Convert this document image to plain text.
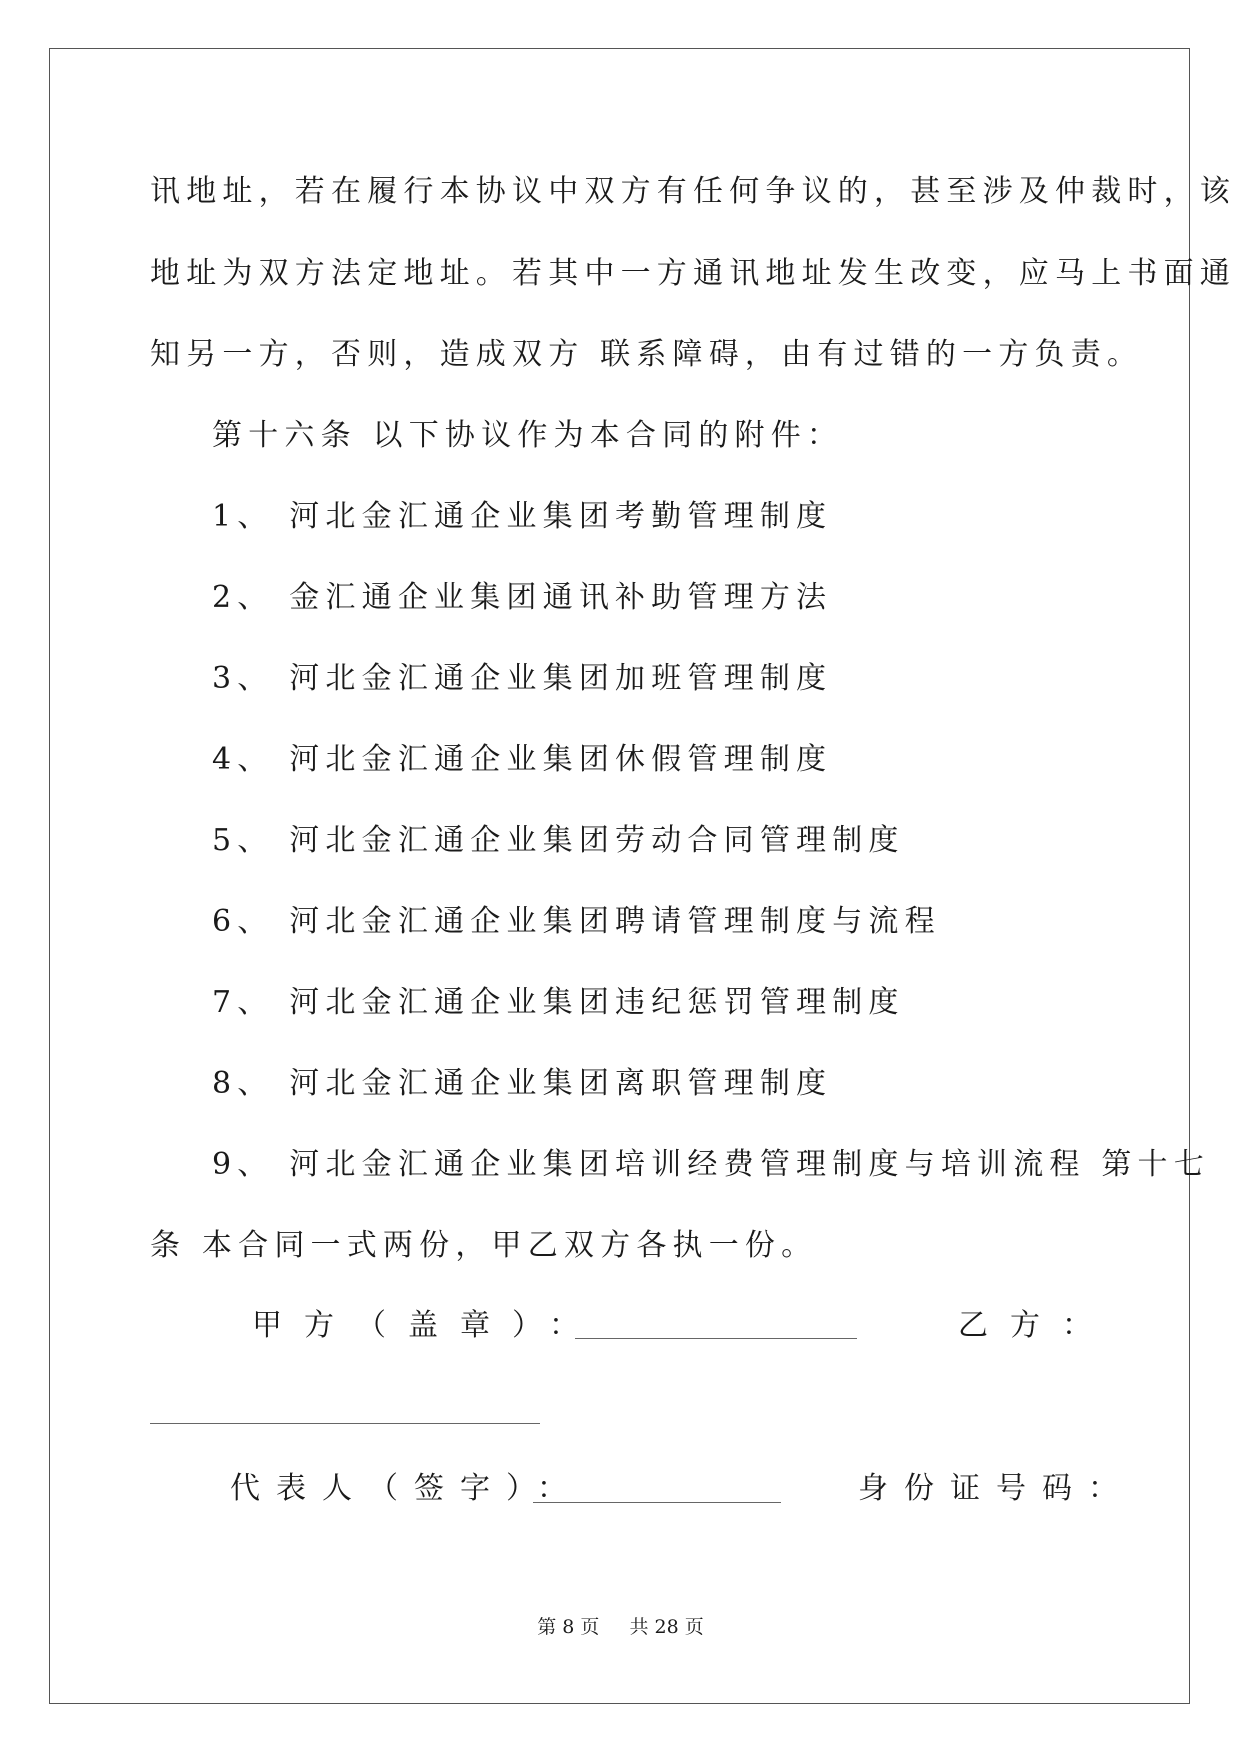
讯地址，若在履行本协议中双方有任何争议的，甚至涉及仲裁时，该
地址为双方法定地址。若其中一方通讯地址发生改变，应马上书面通
知另一方，否则，造成双方 联系障碍，由有过错的一方负责。
第十六条 以下协议作为本合同的附件：
1、 河北金汇通企业集团考勤管理制度
2、 金汇通企业集团通讯补助管理方法
3、 河北金汇通企业集团加班管理制度
4、 河北金汇通企业集团休假管理制度
5、 河北金汇通企业集团劳动合同管理制度
6、 河北金汇通企业集团聘请管理制度与流程
7、 河北金汇通企业集团违纪惩罚管理制度
8、 河北金汇通企业集团离职管理制度
9、 河北金汇通企业集团培训经费管理制度与培训流程 第十七
条 本合同一式两份，甲乙双方各执一份。
甲方（盖章）：	乙方：
代表人（签字）：	身份证号码：
第 8 页 共 28 页
